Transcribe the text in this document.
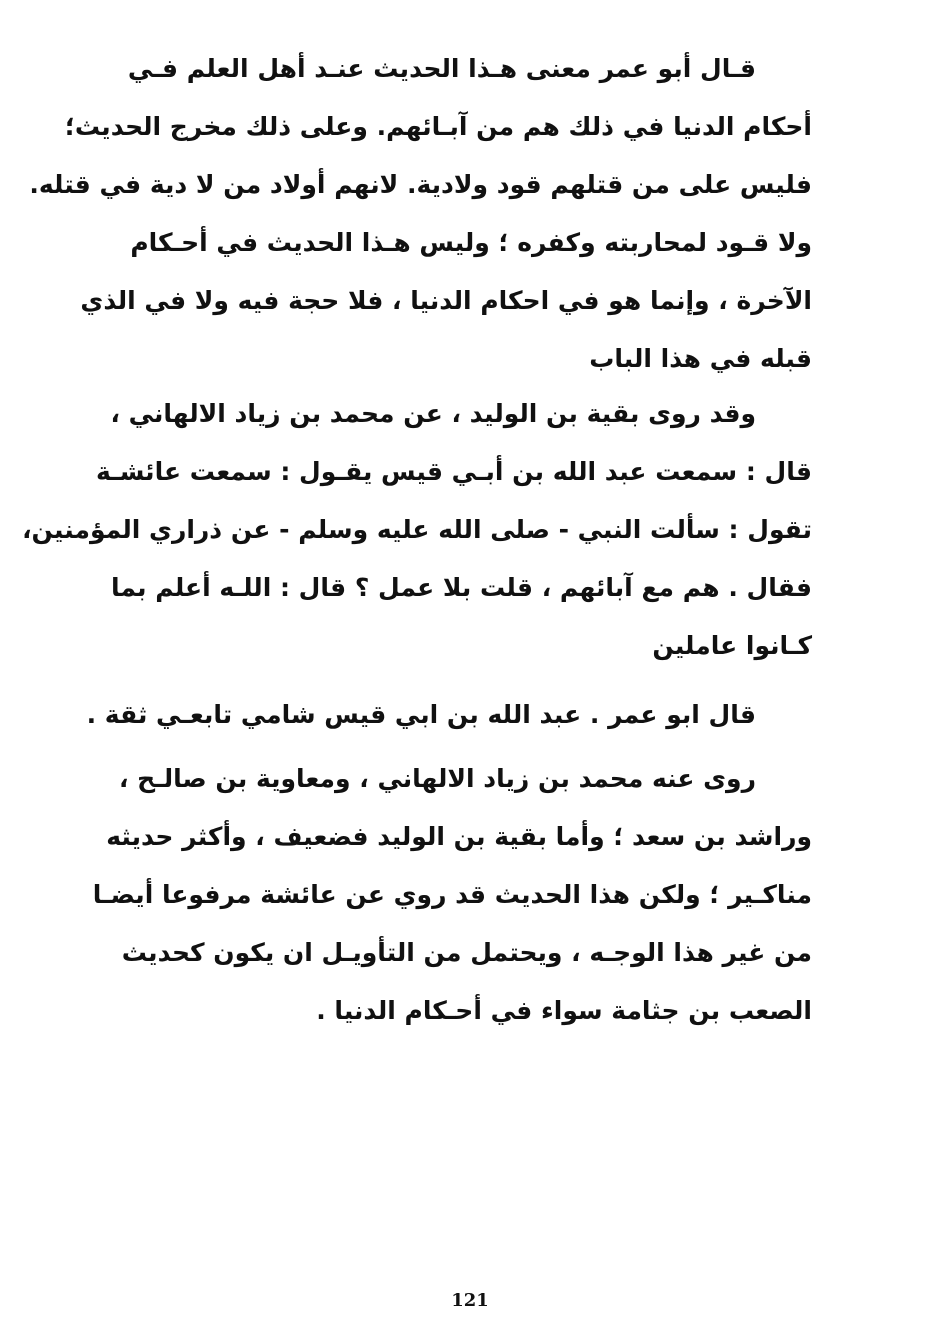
قـال أبو عمر معنى هـذا الحديث عنـد أهل العلم فـي
أحكام الدنيا في ذلك هم من آبـائهم. وعلى ذلك مخرج الحديث؛
فليس على من قتلهم قود ولادية. لانهم أولاد من لا دية في قتله.
ولا قـود لمحاربته وكفره ؛ وليس هـذا الحديث في أحـكام
الآخرة ، وإنما هو في احكام الدنيا ، فلا حجة فيه ولا في الذي
قبله في هذا الباب
وقد روى بقية بن الوليد ، عن محمد بن زياد الالهاني ،
قال : سمعت عبد الله بن أبـي قيس يقـول : سمعت عائشـة
تقول : سألت النبي - صلى الله عليه وسلم - عن ذراري المؤمنين،
فقال . هم مع آبائهم ، قلت بلا عمل ؟ قال : اللـه أعلم بما
كـانوا عاملين
قال ابو عمر . عبد الله بن ابي قيس شامي تابعـي ثقة .
روى عنه محمد بن زياد الالهاني ، ومعاوية بن صالـح ،
وراشد بن سعد ؛ وأما بقية بن الوليد فضعيف ، وأكثر حديثه
مناكـير ؛ ولكن هذا الحديث قد روي عن عائشة مرفوعا أيضـا
من غير هذا الوجـه ، ويحتمل من التأويـل ان يكون كحديث
الصعب بن جثامة سواء في أحـكام الدنيا .
121
